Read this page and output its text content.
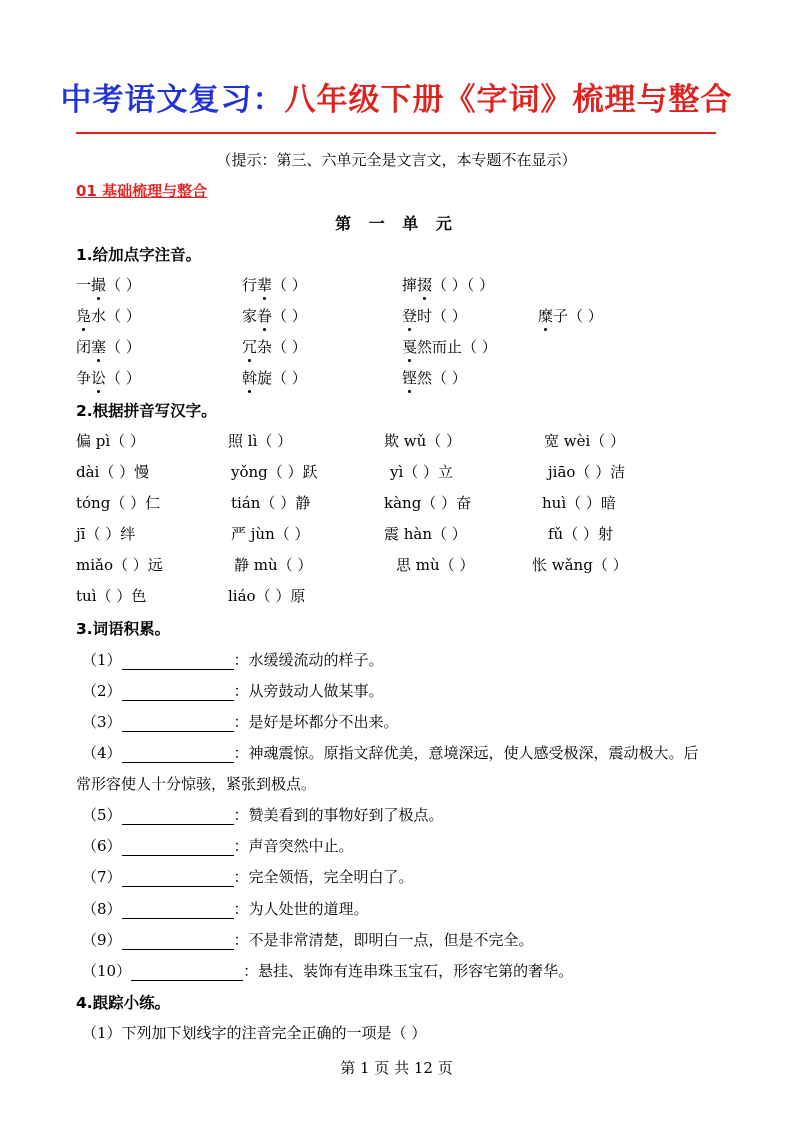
中考语文复习：八年级下册《字词》梳理与整合
（提示：第三、六单元全是文言文，本专题不在显示）
01 基础梳理与整合
第 一 单 元
1.给加点字注音。
一撮（ ）	行辈（ ）	撺掇（ ）（ ）
凫水（ ）	家眷（ ）	登时（ ）	糜子（ ）
闭塞（ ）	冗杂（ ）	戛然而止（ ）
争讼（ ）	斡旋（ ）	铿然（ ）
2.根据拼音写汉字。
偏 pì（ ）	照 lì（ ）	欺 wǔ（ ）	宽 wèi（ ）
dài（ ）慢	yǒng（ ）跃	yì（ ）立	jiāo（ ）洁
tóng（ ）仁	tián（ ）静	kàng（ ）奋	huì（ ）暗
jī（ ）绊	严 jùn（ ）	震 hàn（ ）	fǔ（ ）射
miǎo（ ）远	静 mù（ ）	思 mù（ ）	怅 wǎng（ ）
tuì（ ）色	liáo（ ）原
3.词语积累。
（1）	：水缓缓流动的样子。
（2）	：从旁鼓动人做某事。
（3）	：是好是坏都分不出来。
（4）	：神魂震惊。原指文辞优美，意境深远，使人感受极深，震动极大。后
常形容使人十分惊骇，紧张到极点。
（5）	：赞美看到的事物好到了极点。
（6）	：声音突然中止。
（7）	：完全领悟，完全明白了。
（8）	：为人处世的道理。
（9）	：不是非常清楚，即明白一点，但是不完全。
（10）	：悬挂、装饰有连串珠玉宝石，形容宅第的奢华。
4.跟踪小练。
（1）下列加下划线字的注音完全正确的一项是（ ）
第 1 页 共 12 页
